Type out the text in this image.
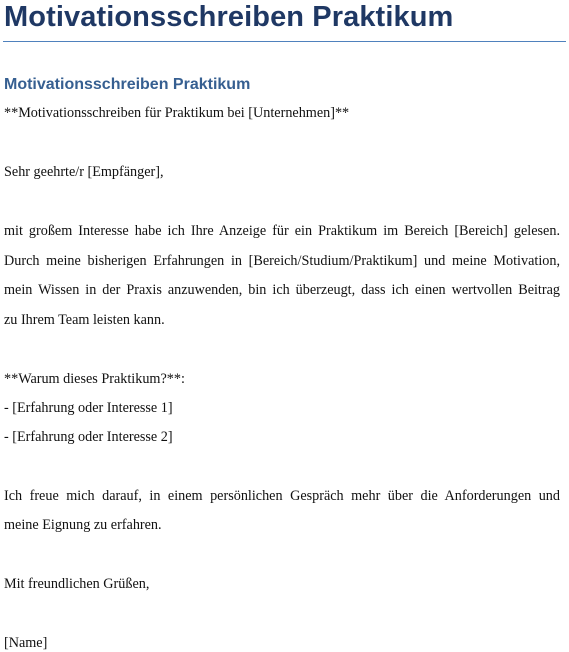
Motivationsschreiben Praktikum
Motivationsschreiben Praktikum
**Motivationsschreiben für Praktikum bei [Unternehmen]**
Sehr geehrte/r [Empfänger],
mit großem Interesse habe ich Ihre Anzeige für ein Praktikum im Bereich [Bereich] gelesen.
Durch meine bisherigen Erfahrungen in [Bereich/Studium/Praktikum] und meine Motivation,
mein Wissen in der Praxis anzuwenden, bin ich überzeugt, dass ich einen wertvollen Beitrag
zu Ihrem Team leisten kann.
**Warum dieses Praktikum?**:
- [Erfahrung oder Interesse 1]
- [Erfahrung oder Interesse 2]
Ich freue mich darauf, in einem persönlichen Gespräch mehr über die Anforderungen und
meine Eignung zu erfahren.
Mit freundlichen Grüßen,
[Name]
